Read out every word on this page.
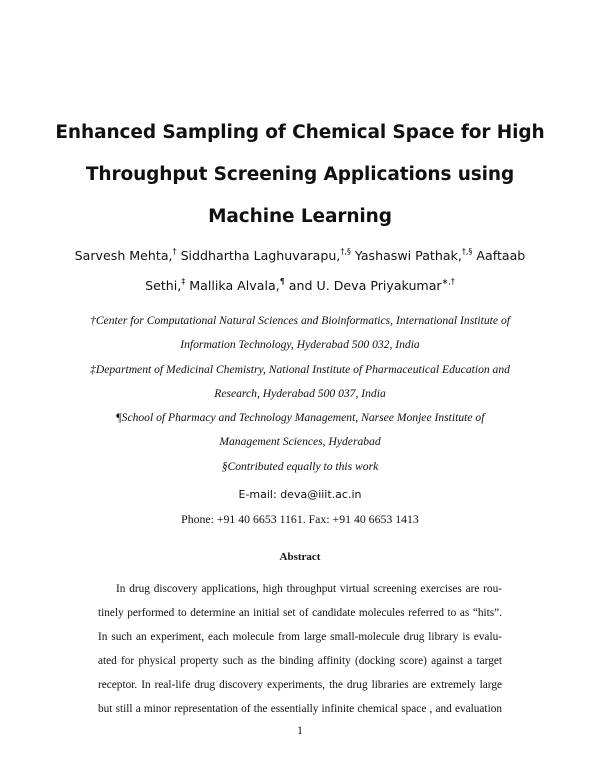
Enhanced Sampling of Chemical Space for High
Throughput Screening Applications using
Machine Learning
Sarvesh Mehta,† Siddhartha Laghuvarapu,†,§ Yashaswi Pathak,†,§ Aaftaab
Sethi,‡ Mallika Alvala,¶ and U. Deva Priyakumar∗,†
†Center for Computational Natural Sciences and Bioinformatics, International Institute of
Information Technology, Hyderabad 500 032, India
‡Department of Medicinal Chemistry, National Institute of Pharmaceutical Education and
Research, Hyderabad 500 037, India
¶School of Pharmacy and Technology Management, Narsee Monjee Institute of
Management Sciences, Hyderabad
§Contributed equally to this work
E-mail: deva@iiit.ac.in
Phone: +91 40 6653 1161. Fax: +91 40 6653 1413
Abstract
In drug discovery applications, high throughput virtual screening exercises are rou-
tinely performed to determine an initial set of candidate molecules referred to as “hits”.
In such an experiment, each molecule from large small-molecule drug library is evalu-
ated for physical property such as the binding affinity (docking score) against a target
receptor. In real-life drug discovery experiments, the drug libraries are extremely large
but still a minor representation of the essentially infinite chemical space , and evaluation
1
